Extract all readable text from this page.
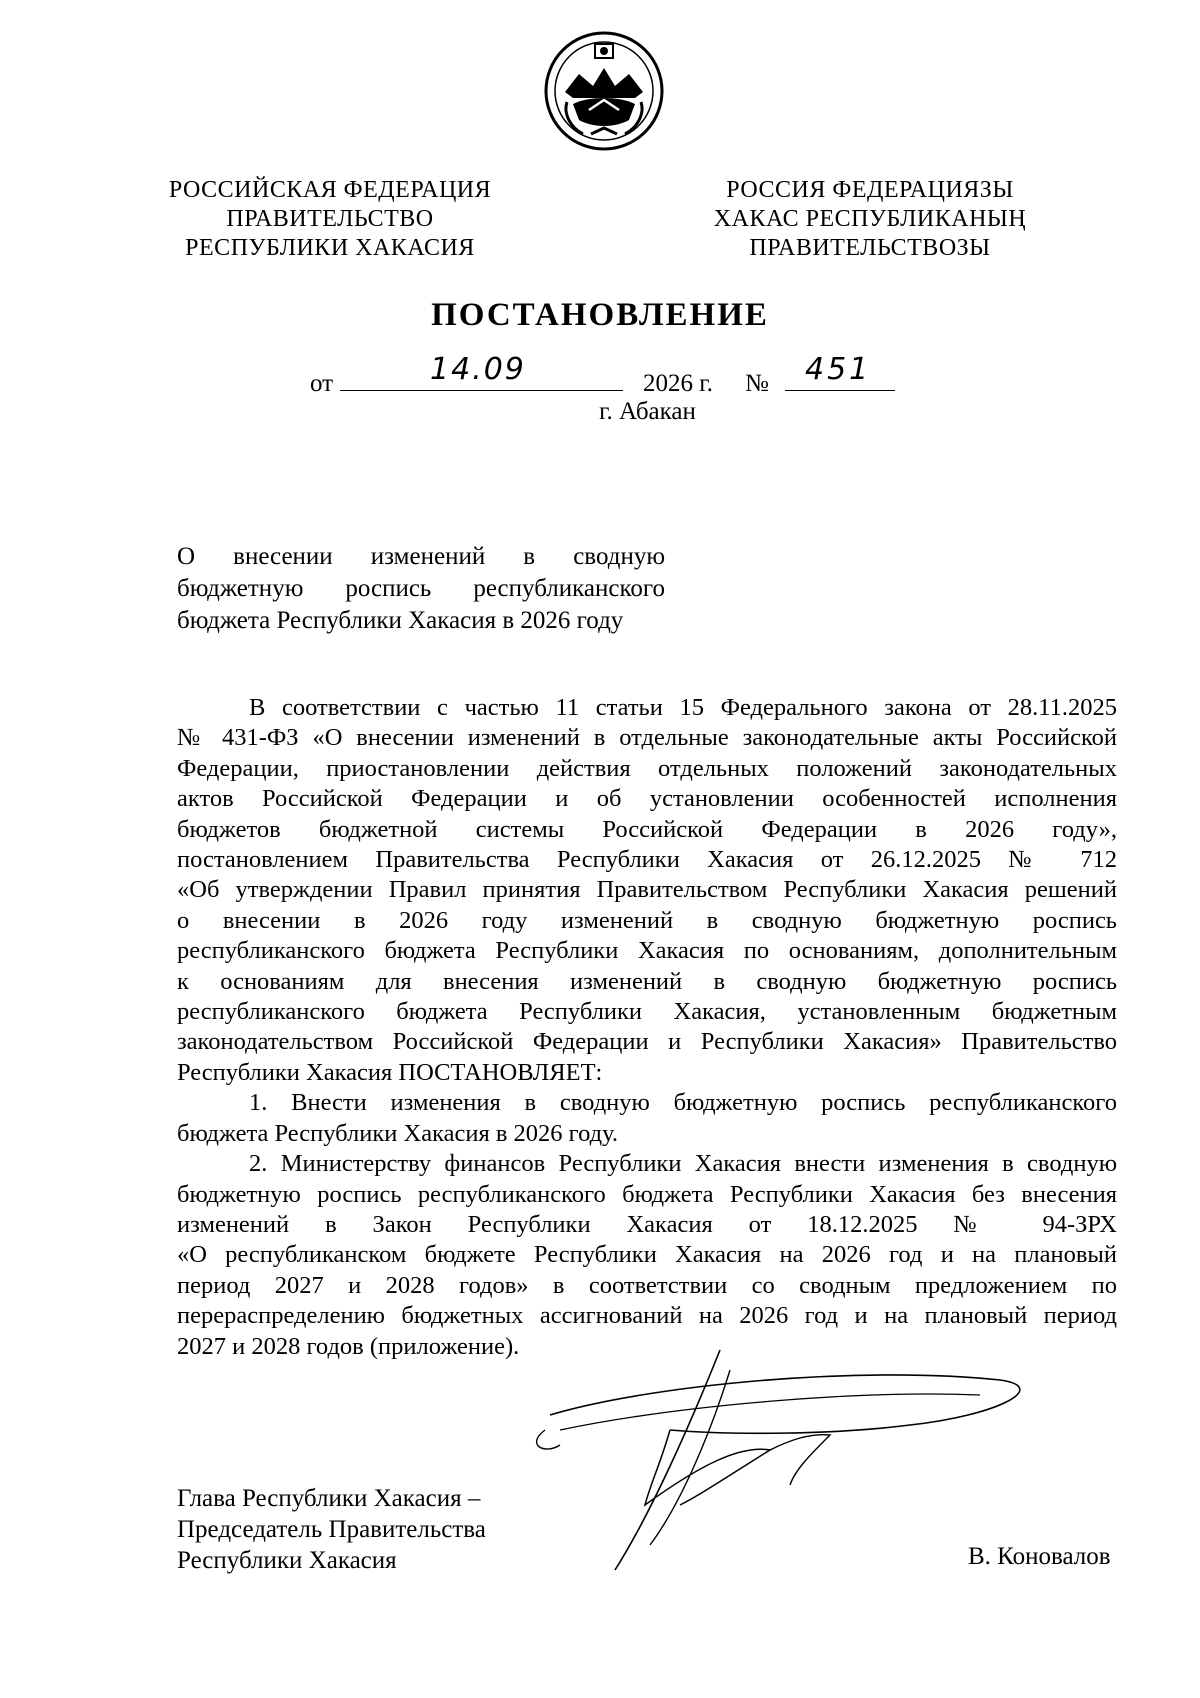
РОССИЙСКАЯ ФЕДЕРАЦИЯ
ПРАВИТЕЛЬСТВО
РЕСПУБЛИКИ ХАКАСИЯ
РОССИЯ ФЕДЕРАЦИЯЗЫ
ХАКАС РЕСПУБЛИКАНЫҢ
ПРАВИТЕЛЬСТВОЗЫ
ПОСТАНОВЛЕНИЕ
от	14.09	2026 г. № 451
г. Абакан
О внесении изменений в сводную
бюджетную роспись республиканского
бюджета Республики Хакасия в 2026 году
В соответствии с частью 11 статьи 15 Федерального закона от 28.11.2025
№ 431-ФЗ «О внесении изменений в отдельные законодательные акты Российской
Федерации, приостановлении действия отдельных положений законодательных
актов Российской Федерации и об установлении особенностей исполнения
бюджетов бюджетной системы Российской Федерации в 2026 году»,
постановлением Правительства Республики Хакасия от 26.12.2025 № 712
«Об утверждении Правил принятия Правительством Республики Хакасия решений
о внесении в 2026 году изменений в сводную бюджетную роспись
республиканского бюджета Республики Хакасия по основаниям, дополнительным
к основаниям для внесения изменений в сводную бюджетную роспись
республиканского бюджета Республики Хакасия, установленным бюджетным
законодательством Российской Федерации и Республики Хакасия» Правительство
Республики Хакасия ПОСТАНОВЛЯЕТ:
1. Внести изменения в сводную бюджетную роспись республиканского
бюджета Республики Хакасия в 2026 году.
2. Министерству финансов Республики Хакасия внести изменения в сводную
бюджетную роспись республиканского бюджета Республики Хакасия без внесения
изменений в Закон Республики Хакасия от 18.12.2025 № 94-ЗРХ
«О республиканском бюджете Республики Хакасия на 2026 год и на плановый
период 2027 и 2028 годов» в соответствии со сводным предложением по
перераспределению бюджетных ассигнований на 2026 год и на плановый период
2027 и 2028 годов (приложение).
Глава Республики Хакасия –
Председатель Правительства
Республики Хакасия	В. Коновалов
